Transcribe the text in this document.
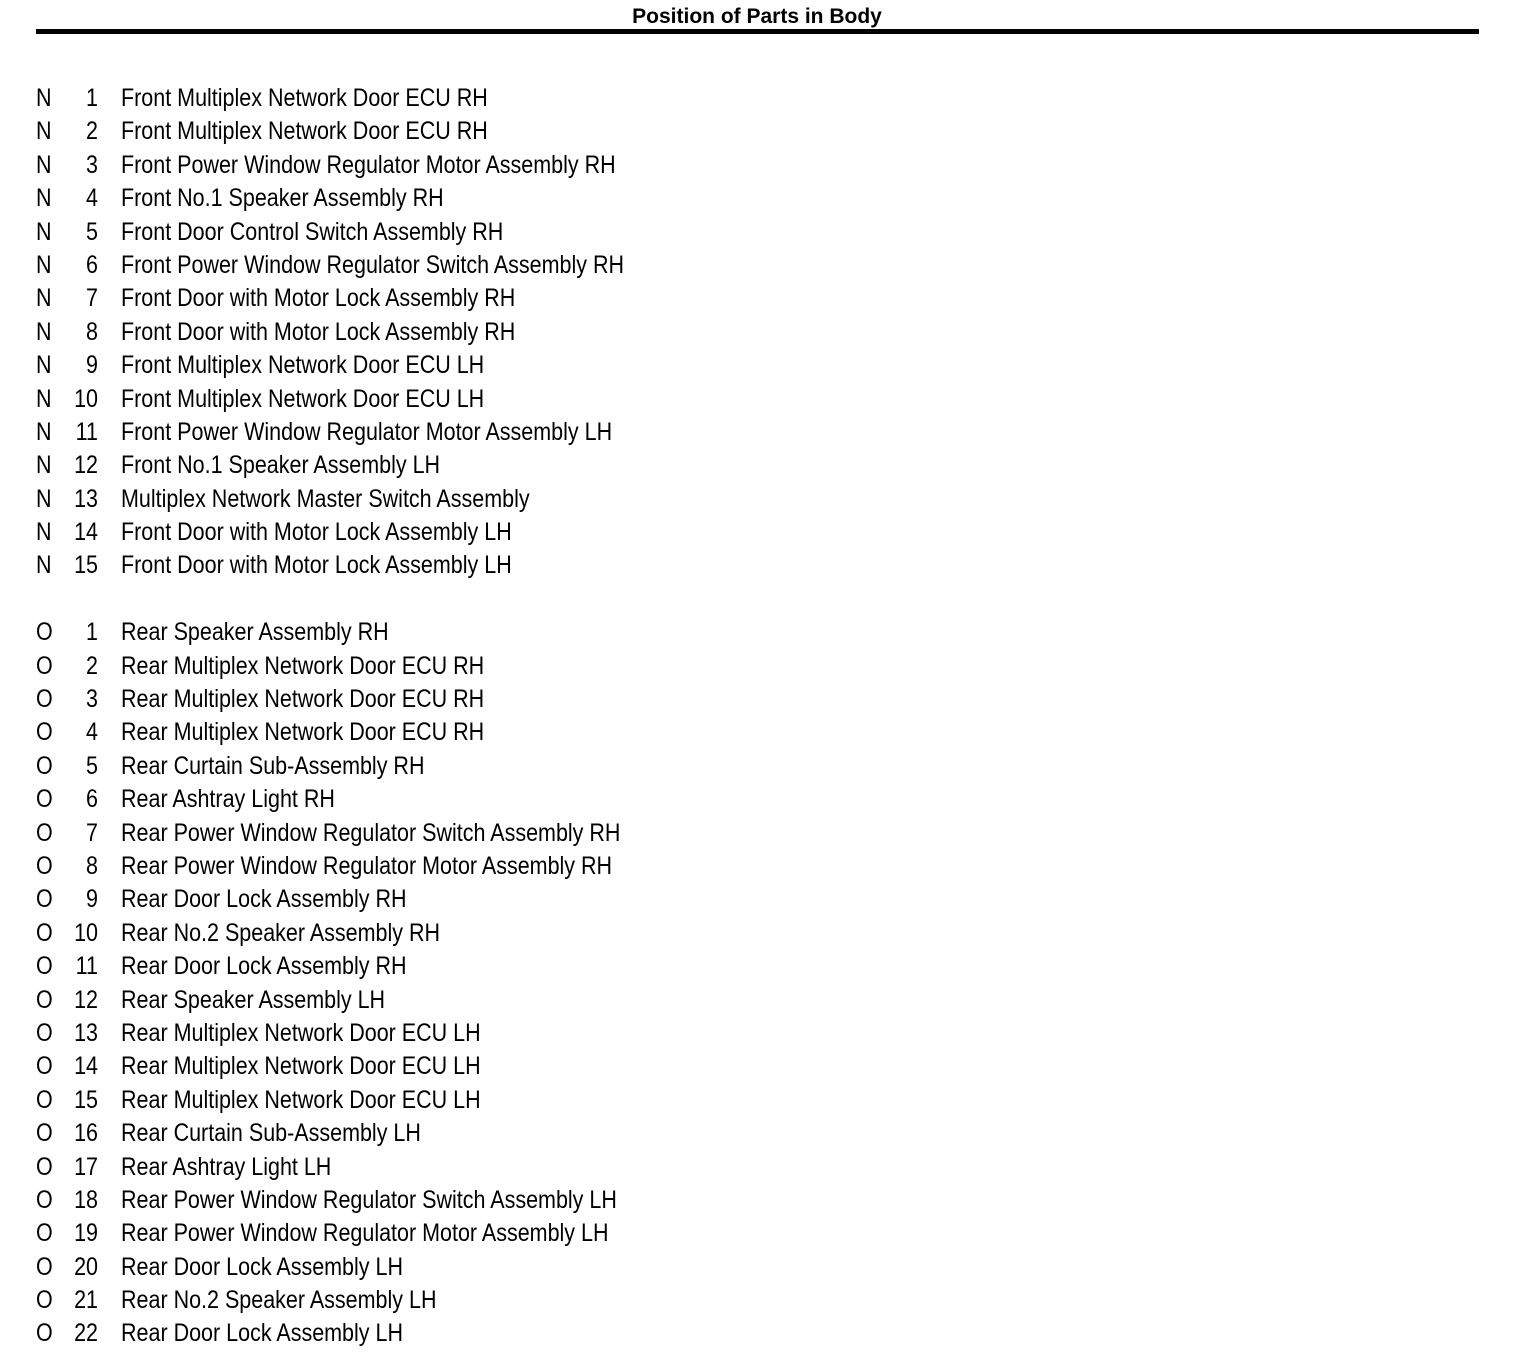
Position of Parts in Body
N	1 Front Multiplex Network Door ECU RH
N	2 Front Multiplex Network Door ECU RH
N	3 Front Power Window Regulator Motor Assembly RH
N	4 Front No.1 Speaker Assembly RH
N	5 Front Door Control Switch Assembly RH
N	6 Front Power Window Regulator Switch Assembly RH
N	7 Front Door with Motor Lock Assembly RH
N	8 Front Door with Motor Lock Assembly RH
N	9 Front Multiplex Network Door ECU LH
N 10 Front Multiplex Network Door ECU LH
N 11 Front Power Window Regulator Motor Assembly LH
N 12 Front No.1 Speaker Assembly LH
N 13 Multiplex Network Master Switch Assembly
N 14 Front Door with Motor Lock Assembly LH
N 15 Front Door with Motor Lock Assembly LH
O	1 Rear Speaker Assembly RH
O	2 Rear Multiplex Network Door ECU RH
O	3 Rear Multiplex Network Door ECU RH
O	4 Rear Multiplex Network Door ECU RH
O	5 Rear Curtain Sub-Assembly RH
O	6 Rear Ashtray Light RH
O	7 Rear Power Window Regulator Switch Assembly RH
O	8 Rear Power Window Regulator Motor Assembly RH
O	9 Rear Door Lock Assembly RH
O 10 Rear No.2 Speaker Assembly RH
O 11 Rear Door Lock Assembly RH
O 12 Rear Speaker Assembly LH
O 13 Rear Multiplex Network Door ECU LH
O 14 Rear Multiplex Network Door ECU LH
O 15 Rear Multiplex Network Door ECU LH
O 16 Rear Curtain Sub-Assembly LH
O 17 Rear Ashtray Light LH
O 18 Rear Power Window Regulator Switch Assembly LH
O 19 Rear Power Window Regulator Motor Assembly LH
O 20 Rear Door Lock Assembly LH
O 21 Rear No.2 Speaker Assembly LH
O 22 Rear Door Lock Assembly LH
